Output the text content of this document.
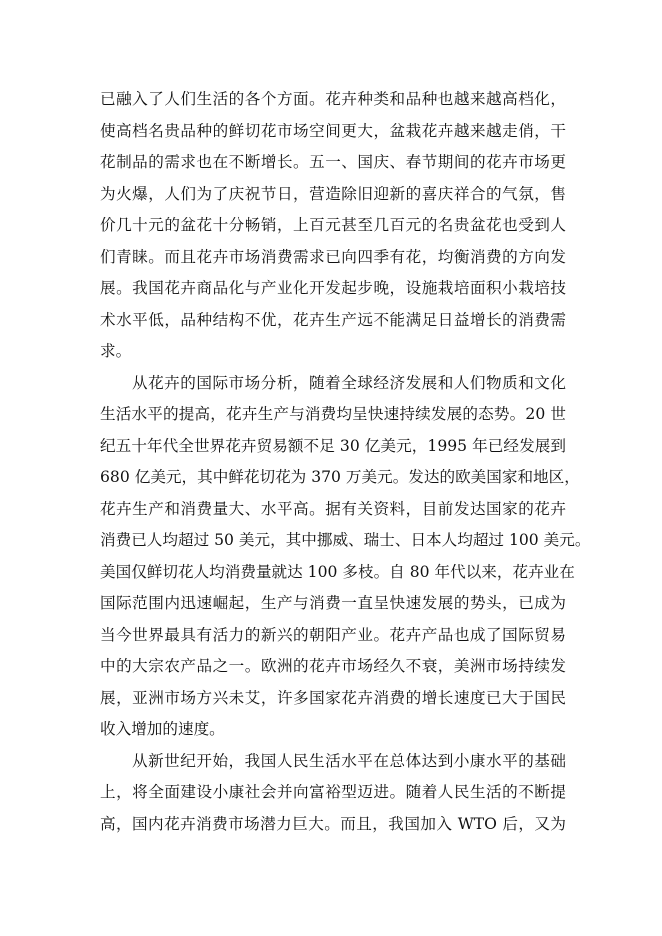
已融入了人们生活的各个方面。花卉种类和品种也越来越高档化，
使高档名贵品种的鲜切花市场空间更大，盆栽花卉越来越走俏，干
花制品的需求也在不断增长。五一、国庆、春节期间的花卉市场更
为火爆，人们为了庆祝节日，营造除旧迎新的喜庆祥合的气氛，售
价几十元的盆花十分畅销，上百元甚至几百元的名贵盆花也受到人
们青睐。而且花卉市场消费需求已向四季有花，均衡消费的方向发
展。我国花卉商品化与产业化开发起步晚，设施栽培面积小栽培技
术水平低，品种结构不优，花卉生产远不能满足日益增长的消费需
求。
从花卉的国际市场分析，随着全球经济发展和人们物质和文化
生活水平的提高，花卉生产与消费均呈快速持续发展的态势。20 世
纪五十年代全世界花卉贸易额不足 30 亿美元，1995 年已经发展到
680 亿美元，其中鲜花切花为 370 万美元。发达的欧美国家和地区，
花卉生产和消费量大、水平高。据有关资料，目前发达国家的花卉
消费已人均超过 50 美元，其中挪威、瑞士、日本人均超过 100 美元。
美国仅鲜切花人均消费量就达 100 多枝。自 80 年代以来，花卉业在
国际范围内迅速崛起，生产与消费一直呈快速发展的势头，已成为
当今世界最具有活力的新兴的朝阳产业。花卉产品也成了国际贸易
中的大宗农产品之一。欧洲的花卉市场经久不衰，美洲市场持续发
展，亚洲市场方兴未艾，许多国家花卉消费的增长速度已大于国民
收入增加的速度。
从新世纪开始，我国人民生活水平在总体达到小康水平的基础
上，将全面建设小康社会并向富裕型迈进。随着人民生活的不断提
高，国内花卉消费市场潜力巨大。而且，我国加入 WTO 后，又为
